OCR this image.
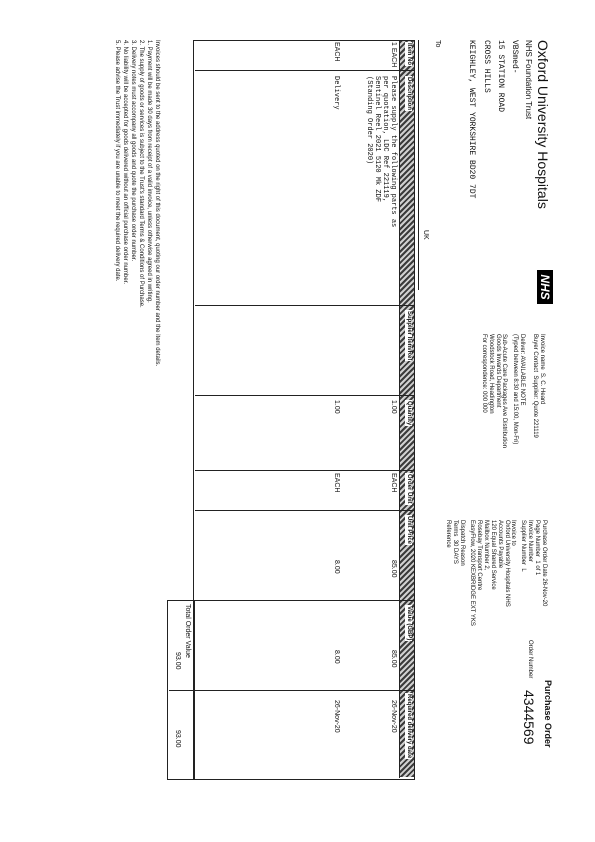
Oxford University Hospitals
NHS Foundation Trust
NHS
Purchase Order
Order Number
4344569
VBSmed-
15 STATION ROAD
CROSS HILLS
KEIGHLEY, WEST YORKSHIRE BD20 7DT
To
UK
Invoice name  S. C. Heard
Buyer Contact  Supplier: Quote 221119
Deliver: AVAILABLE NOTE
(Typed between 8:30 and 15:00, Mon-Fri)
Sub-Acute Care Packages Ave Distribution
Goods Inwards Department
Woodstock Road, Headington
For correspondence: 000 000
Purchase Order Date 26-Nov-20
Page Number  1 of 1
Invoice Number
Supplier Number  L
Invoice to
Oxford University Hospitals NHS
Accounts Payable
120 Equal Shared Service
Mailbox Number 2,
Rosebay Transport Centre
EasyFlow, 2020 KEXBRIDGE EXT YKS
Dispatch Reason
Terms  30 DAYS
Reference
Item No
Description
Supplier Item/Ref
Quantity
Order Unit
Unit Price
Value (GBP)
Required delivery date
1 EACH
Please supply the following parts as
per quotation, LDC Ref 221119,
Sentinel Reel 2021 5120 Mk ZDF
(Standing Order 2020)
1.00
EACH
85.00
85.00
26-Nov-20
EACH
Delivery
1.00
EACH
8.00
8.00
26-Nov-20
Total Order Value
93.00
93.00
Invoices should be sent to the address quoted on the right of this document, quoting our order number and the item details.
1. Payment will be made 30 days from receipt of a valid invoice, unless otherwise agreed in writing.
2. The supply of goods or services is subject to the Trust's standard Terms & Conditions of Purchase.
3. Delivery notes must accompany all goods and quote the purchase order number.
4. No liability will be accepted for goods delivered without an official purchase order number.
5. Please advise the Trust immediately if you are unable to meet the required delivery date.
